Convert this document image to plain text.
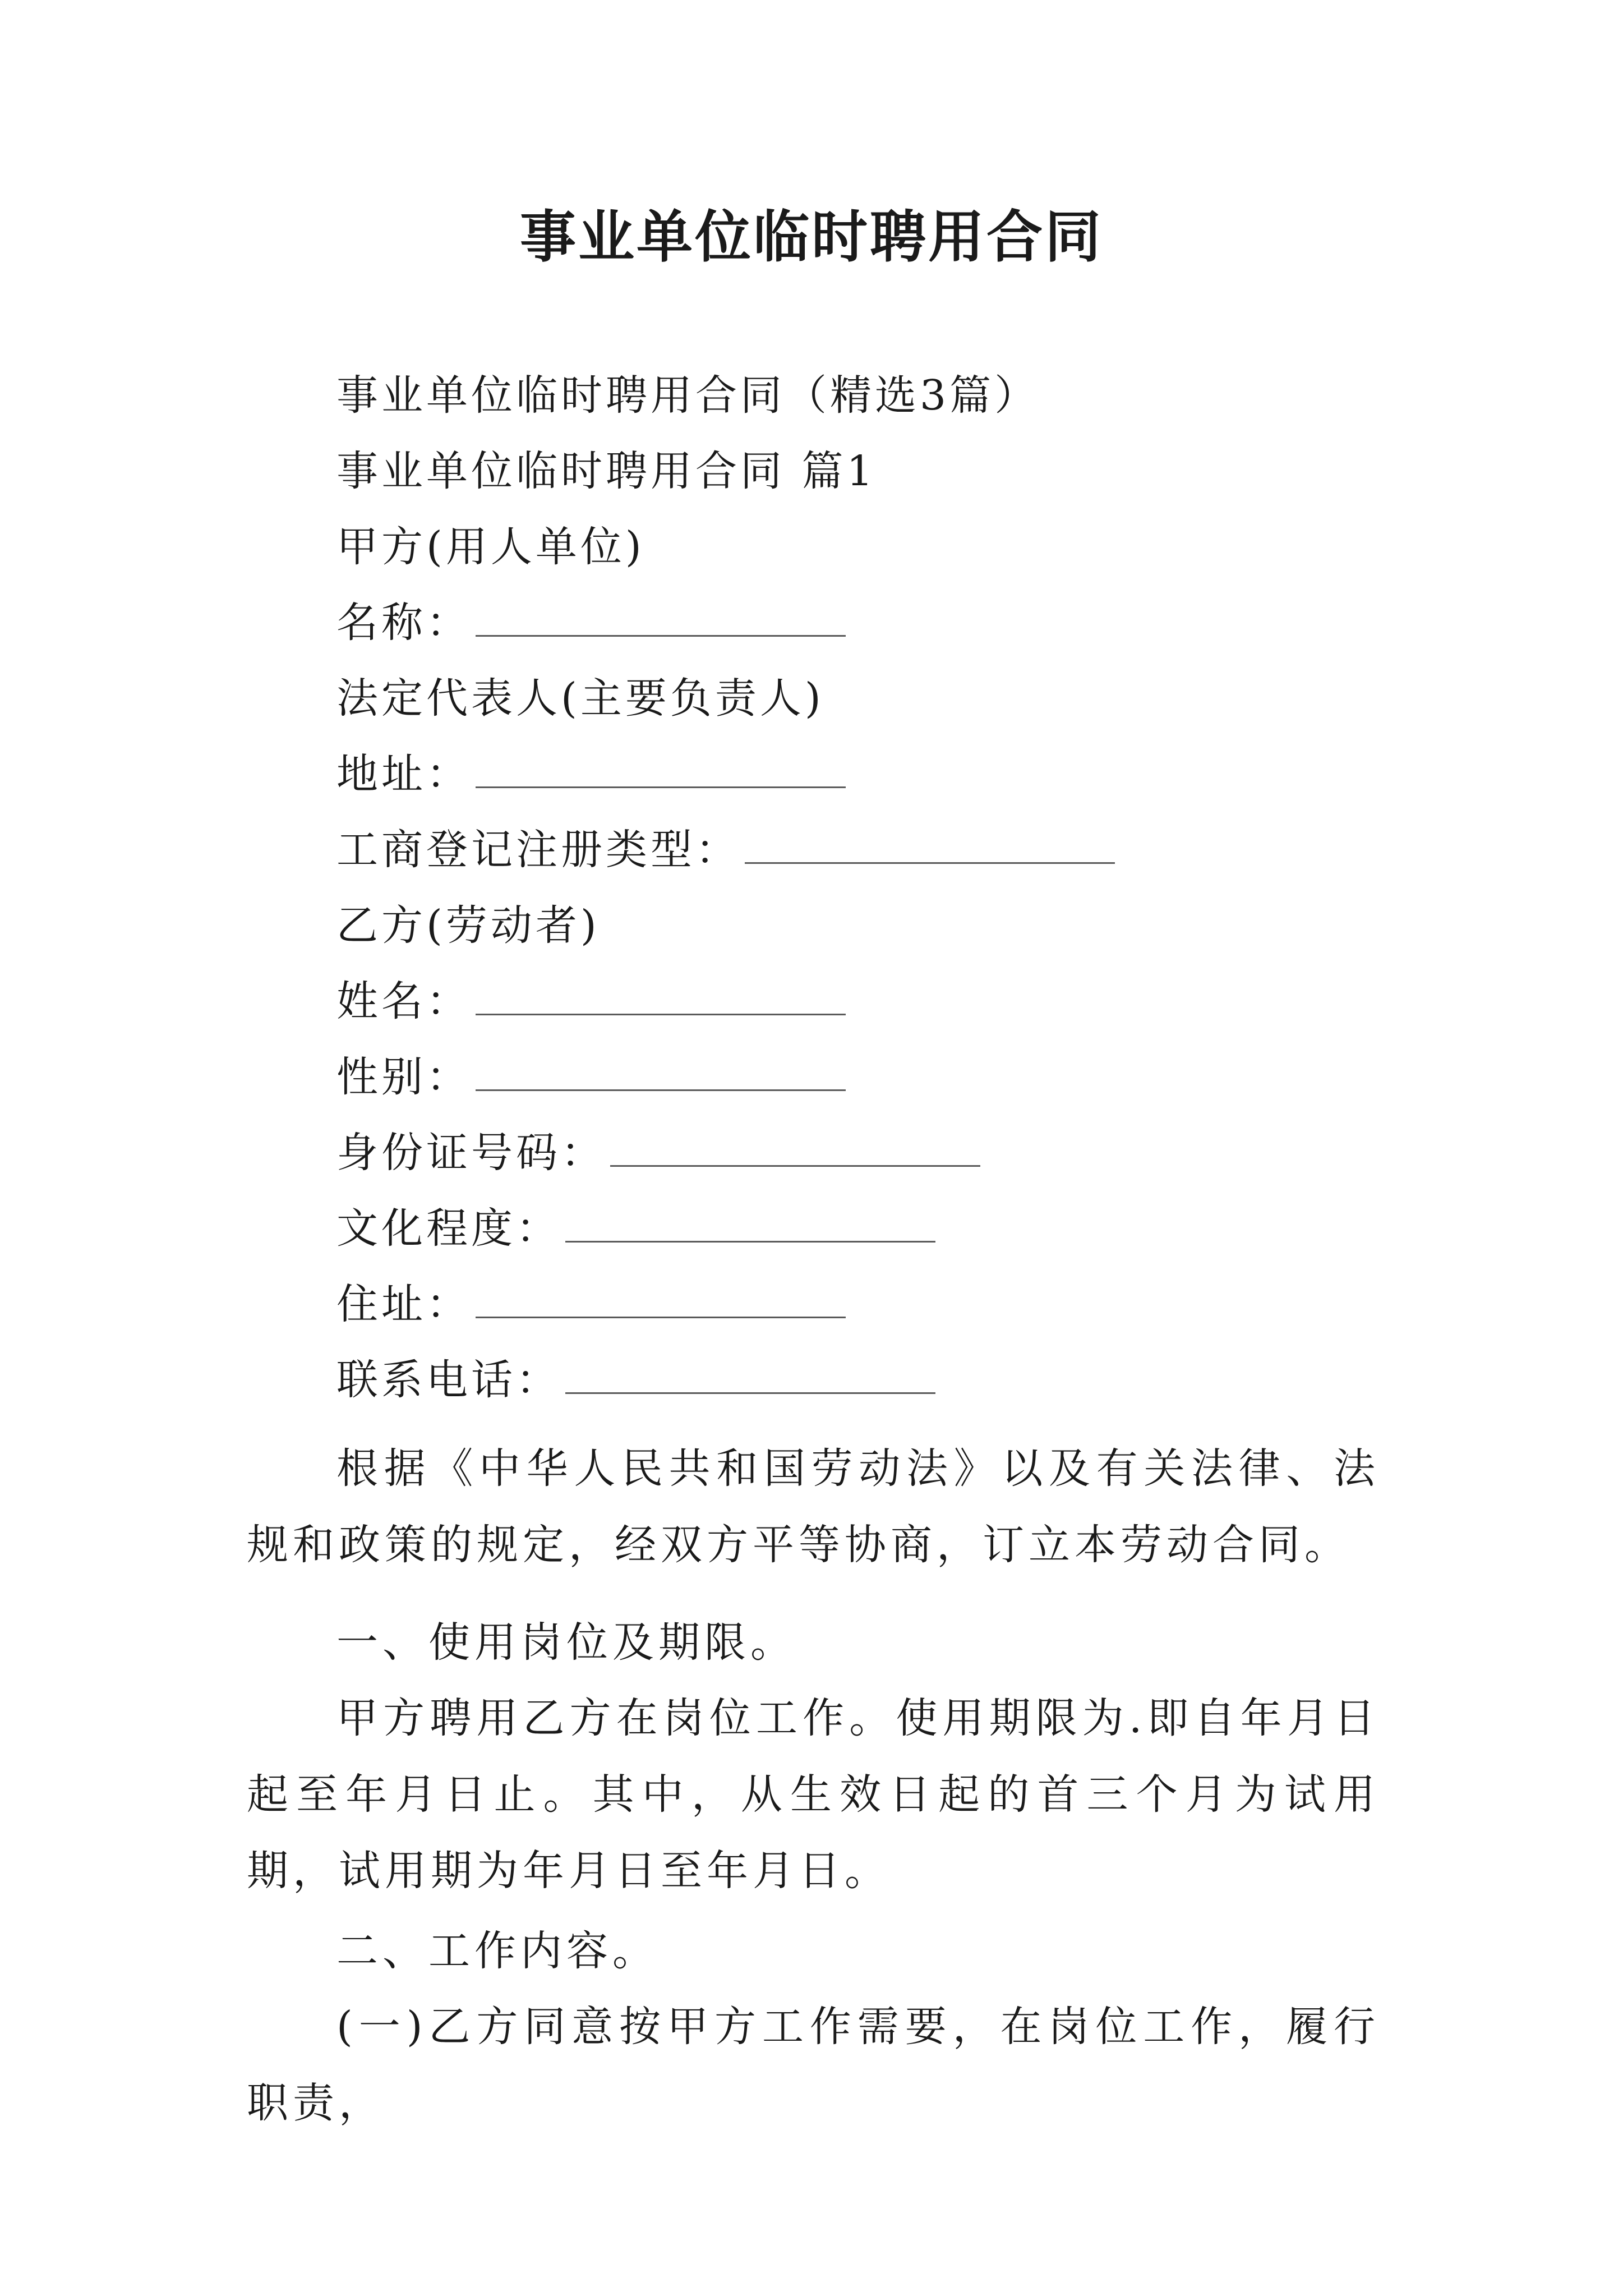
事业单位临时聘用合同
事业单位临时聘用合同（精选3篇）
事业单位临时聘用合同 篇1
甲方(用人单位)
名称：
法定代表人(主要负责人)
地址：
工商登记注册类型：
乙方(劳动者)
姓名：
性别：
身份证号码：
文化程度：
住址：
联系电话：

根据《中华人民共和国劳动法》以及有关法律、法规和政策的规定，经双方平等协商，订立本劳动合同。

一、使用岗位及期限。

甲方聘用乙方在岗位工作。使用期限为.即自年月日起至年月日止。其中，从生效日起的首三个月为试用期，试用期为年月日至年月日。

二、工作内容。

(一)乙方同意按甲方工作需要，在岗位工作，履行职责，
